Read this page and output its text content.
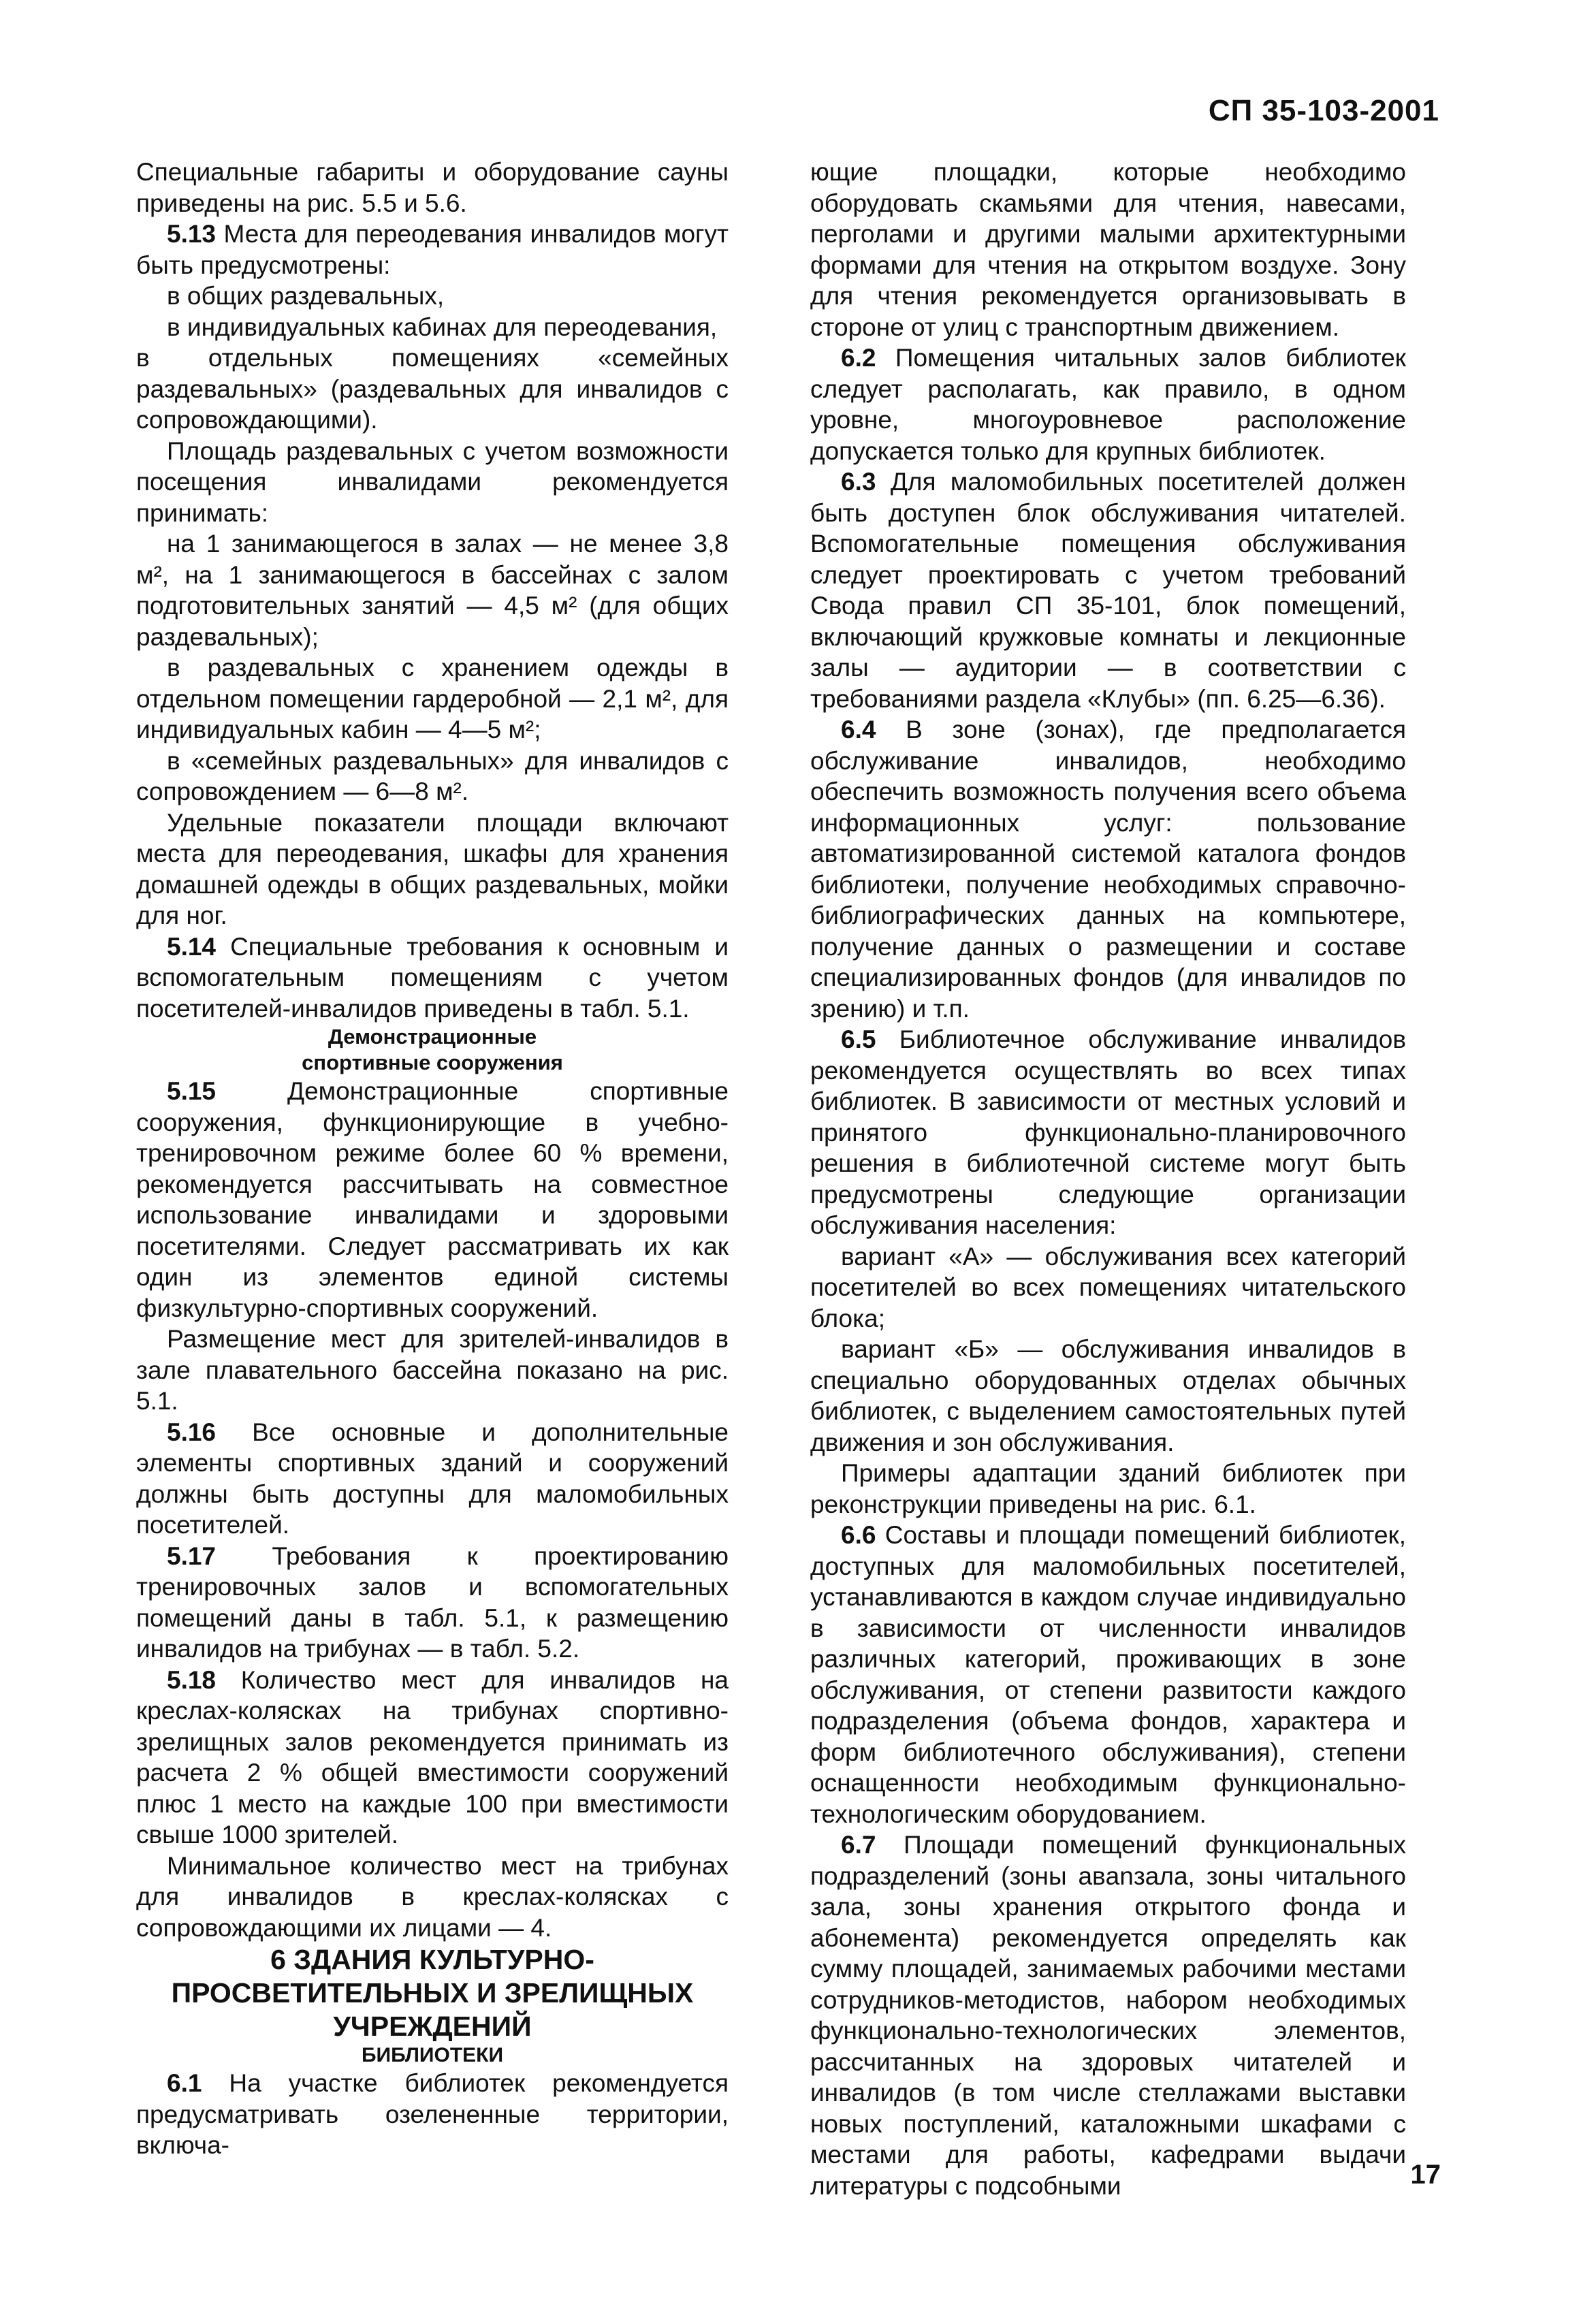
СП 35-103-2001

Специальные габариты и оборудование сауны приведены на рис. 5.5 и 5.6.

5.13 Места для переодевания инвалидов могут быть предусмотрены:

в общих раздевальных,

в индивидуальных кабинах для переодевания,

в отдельных помещениях «семейных раздевальных» (раздевальных для инвалидов с сопровождающими).

Площадь раздевальных с учетом возможности посещения инвалидами рекомендуется принимать:

на 1 занимающегося в залах — не менее 3,8 м², на 1 занимающегося в бассейнах с залом подготовительных занятий — 4,5 м² (для общих раздевальных);

в раздевальных с хранением одежды в отдельном помещении гардеробной — 2,1 м², для индивидуальных кабин — 4—5 м²;

в «семейных раздевальных» для инвалидов с сопровождением — 6—8 м².

Удельные показатели площади включают места для переодевания, шкафы для хранения домашней одежды в общих раздевальных, мойки для ног.

5.14 Специальные требования к основным и вспомогательным помещениям с учетом посетителей-инвалидов приведены в табл. 5.1.

Демонстрационные
спортивные сооружения

5.15 Демонстрационные спортивные сооружения, функционирующие в учебно-тренировочном режиме более 60 % времени, рекомендуется рассчитывать на совместное использование инвалидами и здоровыми посетителями. Следует рассматривать их как один из элементов единой системы физкультурно-спортивных сооружений.

Размещение мест для зрителей-инвалидов в зале плавательного бассейна показано на рис. 5.1.

5.16 Все основные и дополнительные элементы спортивных зданий и сооружений должны быть доступны для маломобильных посетителей.

5.17 Требования к проектированию тренировочных залов и вспомогательных помещений даны в табл. 5.1, к размещению инвалидов на трибунах — в табл. 5.2.

5.18 Количество мест для инвалидов на креслах-колясках на трибунах спортивно-зрелищных залов рекомендуется принимать из расчета 2 % общей вместимости сооружений плюс 1 место на каждые 100 при вместимости свыше 1000 зрителей.

Минимальное количество мест на трибунах для инвалидов в креслах-колясках с сопровождающими их лицами — 4.

6 ЗДАНИЯ КУЛЬТУРНО-
ПРОСВЕТИТЕЛЬНЫХ И ЗРЕЛИЩНЫХ
УЧРЕЖДЕНИЙ

БИБЛИОТЕКИ

6.1 На участке библиотек рекомендуется предусматривать озелененные территории, включа-

ющие площадки, которые необходимо оборудовать скамьями для чтения, навесами, перголами и другими малыми архитектурными формами для чтения на открытом воздухе. Зону для чтения рекомендуется организовывать в стороне от улиц с транспортным движением.

6.2 Помещения читальных залов библиотек следует располагать, как правило, в одном уровне, многоуровневое расположение допускается только для крупных библиотек.

6.3 Для маломобильных посетителей должен быть доступен блок обслуживания читателей. Вспомогательные помещения обслуживания следует проектировать с учетом требований Свода правил СП 35-101, блок помещений, включающий кружковые комнаты и лекционные залы — аудитории — в соответствии с требованиями раздела «Клубы» (пп. 6.25—6.36).

6.4 В зоне (зонах), где предполагается обслуживание инвалидов, необходимо обеспечить возможность получения всего объема информационных услуг: пользование автоматизированной системой каталога фондов библиотеки, получение необходимых справочно-библиографических данных на компьютере, получение данных о размещении и составе специализированных фондов (для инвалидов по зрению) и т.п.

6.5 Библиотечное обслуживание инвалидов рекомендуется осуществлять во всех типах библиотек. В зависимости от местных условий и принятого функционально-планировочного решения в библиотечной системе могут быть предусмотрены следующие организации обслуживания населения:

вариант «А» — обслуживания всех категорий посетителей во всех помещениях читательского блока;

вариант «Б» — обслуживания инвалидов в специально оборудованных отделах обычных библиотек, с выделением самостоятельных путей движения и зон обслуживания.

Примеры адаптации зданий библиотек при реконструкции приведены на рис. 6.1.

6.6 Составы и площади помещений библиотек, доступных для маломобильных посетителей, устанавливаются в каждом случае индивидуально в зависимости от численности инвалидов различных категорий, проживающих в зоне обслуживания, от степени развитости каждого подразделения (объема фондов, характера и форм библиотечного обслуживания), степени оснащенности необходимым функционально-технологическим оборудованием.

6.7 Площади помещений функциональных подразделений (зоны авanзала, зоны читального зала, зоны хранения открытого фонда и абонемента) рекомендуется определять как сумму площадей, занимаемых рабочими местами сотрудников-методистов, набором необходимых функционально-технологических элементов, рассчитанных на здоровых читателей и инвалидов (в том числе стеллажами выставки новых поступлений, каталожными шкафами с местами для работы, кафедрами выдачи литературы с подсобными	17
